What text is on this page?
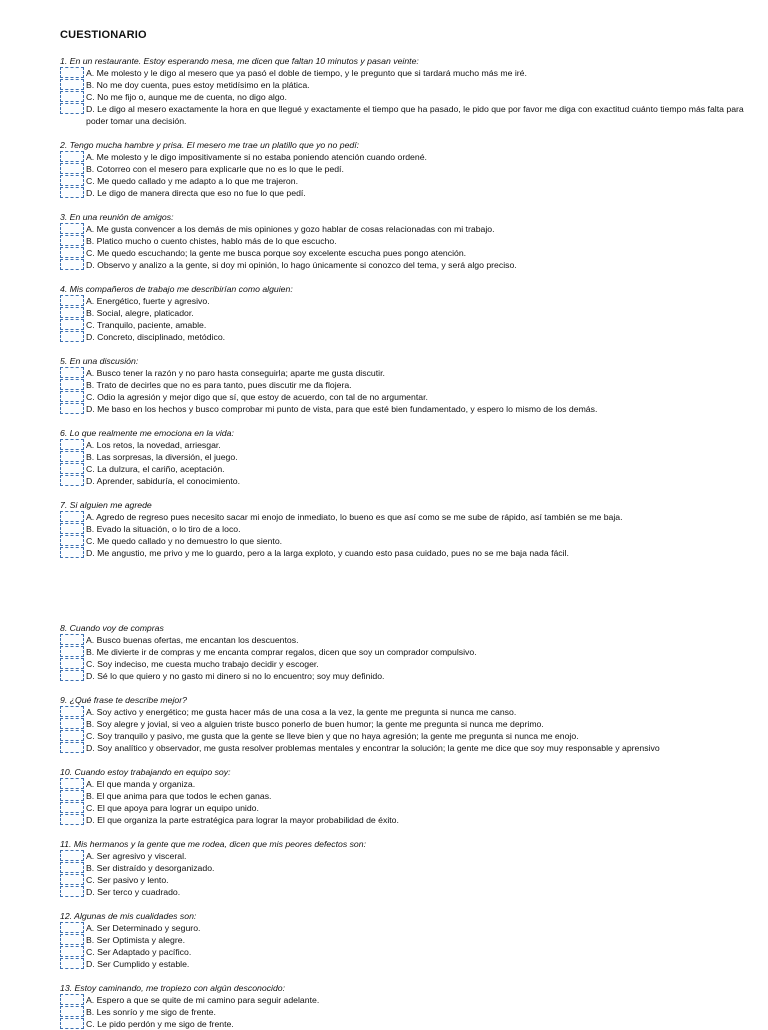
CUESTIONARIO
1. En un restaurante. Estoy esperando mesa, me dicen que faltan 10 minutos y pasan veinte:
A. Me molesto y le digo al mesero que ya pasó el doble de tiempo, y le pregunto que si tardará mucho más me iré.
B. No me doy cuenta, pues estoy metidísimo en la plática.
C. No me fijo o, aunque me de cuenta, no digo algo.
D. Le digo al mesero exactamente la hora en que llegué y exactamente el tiempo que ha pasado, le pido que por favor me diga con exactitud cuánto tiempo más falta para poder tomar una decisión.
2. Tengo mucha hambre y prisa. El mesero me trae un platillo que yo no pedí:
A. Me molesto y le digo impositivamente si no estaba poniendo atención cuando ordené.
B. Cotorreo con el mesero para explicarle que no es lo que le pedí.
C. Me quedo callado y me adapto a lo que me trajeron.
D. Le digo de manera directa que eso no fue lo que pedí.
3. En una reunión de amigos:
A. Me gusta convencer a los demás de mis opiniones y gozo hablar de cosas relacionadas con mi trabajo.
B. Platico mucho o cuento chistes, hablo más de lo que escucho.
C. Me quedo escuchando; la gente me busca porque soy excelente escucha pues pongo atención.
D. Observo y analizo a la gente, si doy mi opinión, lo hago únicamente si conozco del tema, y será algo preciso.
4. Mis compañeros de trabajo me describirían como alguien:
A. Energético, fuerte y agresivo.
B. Social, alegre, platicador.
C. Tranquilo, paciente, amable.
D. Concreto, disciplinado, metódico.
5. En una discusión:
A. Busco tener la razón y no paro hasta conseguirla; aparte me gusta discutir.
B. Trato de decirles que no es para tanto, pues discutir me da flojera.
C. Odio la agresión y mejor digo que sí, que estoy de acuerdo, con tal de no argumentar.
D. Me baso en los hechos y busco comprobar mi punto de vista, para que esté bien fundamentado, y espero lo mismo de los demás.
6. Lo que realmente me emociona en la vida:
A. Los retos, la novedad, arriesgar.
B. Las sorpresas, la diversión, el juego.
C. La dulzura, el cariño, aceptación.
D. Aprender, sabiduría, el conocimiento.
7. Si alguien me agrede
A. Agredo de regreso pues necesito sacar mi enojo de inmediato, lo bueno es que así como se me sube de rápido, así también se me baja.
B. Evado la situación, o lo tiro de a loco.
C. Me quedo callado y no demuestro lo que siento.
D. Me angustio, me privo y me lo guardo, pero a la larga exploto, y cuando esto pasa cuidado, pues no se me baja nada fácil.
8. Cuando voy de compras
A. Busco buenas ofertas, me encantan los descuentos.
B. Me divierte ir de compras y me encanta comprar regalos, dicen que soy un comprador compulsivo.
C. Soy indeciso, me cuesta mucho trabajo decidir y escoger.
D. Sé lo que quiero y no gasto mi dinero si no lo encuentro; soy muy definido.
9. ¿Qué frase te describe mejor?
A. Soy activo y energético; me gusta hacer más de una cosa a la vez, la gente me pregunta si nunca me canso.
B. Soy alegre y jovial, si veo a alguien triste busco ponerlo de buen humor; la gente me pregunta si nunca me deprimo.
C. Soy tranquilo y pasivo, me gusta que la gente se lleve bien y que no haya agresión; la gente me pregunta si nunca me enojo.
D. Soy analítico y observador, me gusta resolver problemas mentales y encontrar la solución; la gente me dice que soy muy responsable y aprensivo
10. Cuando estoy trabajando en equipo soy:
A. El que manda y organiza.
B. El que anima para que todos le echen ganas.
C. El que apoya para lograr un equipo unido.
D. El que organiza la parte estratégica para lograr la mayor probabilidad de éxito.
11. Mis hermanos y la gente que me rodea, dicen que mis peores defectos son:
A. Ser agresivo y visceral.
B. Ser distraído y desorganizado.
C. Ser pasivo y lento.
D. Ser terco y cuadrado.
12. Algunas de mis cualidades son:
A. Ser Determinado y seguro.
B. Ser Optimista y alegre.
C. Ser Adaptado y pacífico.
D. Ser Cumplido y estable.
13. Estoy caminando, me tropiezo con algún desconocido:
A. Espero a que se quite de mi camino para seguir adelante.
B. Les sonrío y me sigo de frente.
C. Le pido perdón y me sigo de frente.
